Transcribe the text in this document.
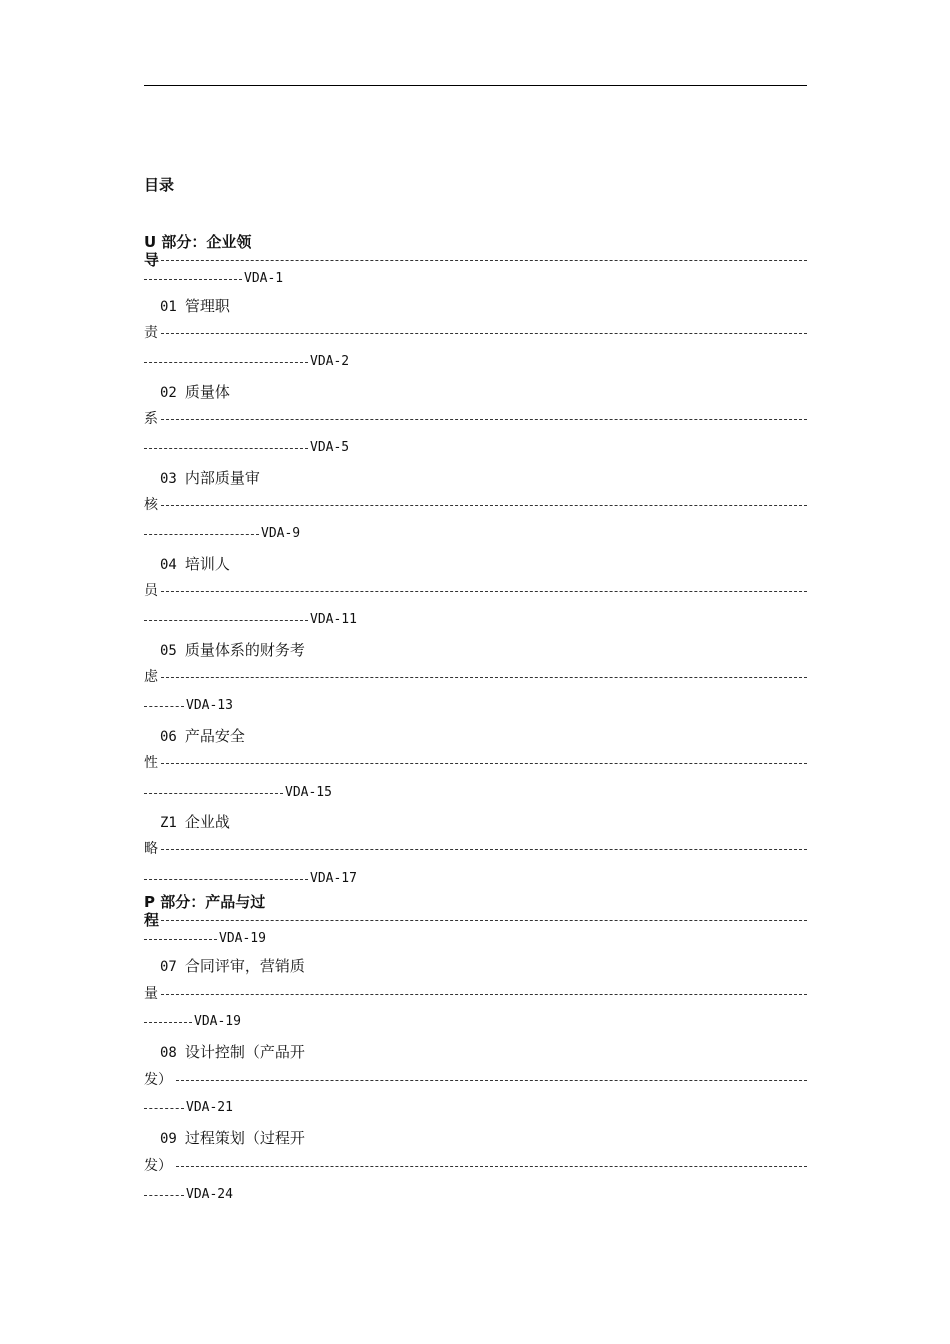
目录
U 部分：企业领
导
VDA-1
01 管理职
责
VDA-2
02 质量体
系
VDA-5
03 内部质量审
核
VDA-9
04 培训人
员
VDA-11
05 质量体系的财务考
虑
VDA-13
06 产品安全
性
VDA-15
Z1 企业战
略
VDA-17
P 部分：产品与过
程
VDA-19
07 合同评审，营销质
量
VDA-19
08 设计控制（产品开
发）
VDA-21
09 过程策划（过程开
发）
VDA-24
